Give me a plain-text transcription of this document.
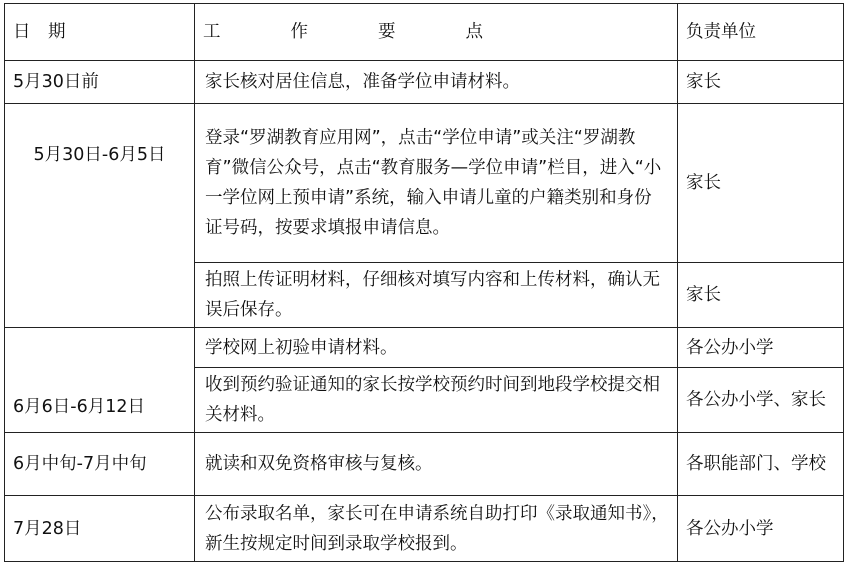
日　期	工　　　　作　　　　要　　　　点	负责单位
5月30日前	家长核对居住信息，准备学位申请材料。	家长
5月30日-6月5日	登录“罗湖教育应用网”，点击“学位申请”或关注“罗湖教育”微信公众号，点击“教育服务—学位申请”栏目，进入“小一学位网上预申请”系统，输入申请儿童的户籍类别和身份证号码，按要求填报申请信息。	家长
	拍照上传证明材料，仔细核对填写内容和上传材料，确认无误后保存。	家长
6月6日-6月12日	学校网上初验申请材料。	各公办小学
	收到预约验证通知的家长按学校预约时间到地段学校提交相关材料。	各公办小学、家长
6月中旬-7月中旬	就读和双免资格审核与复核。	各职能部门、学校
7月28日	公布录取名单，家长可在申请系统自助打印《录取通知书》，新生按规定时间到录取学校报到。	各公办小学
